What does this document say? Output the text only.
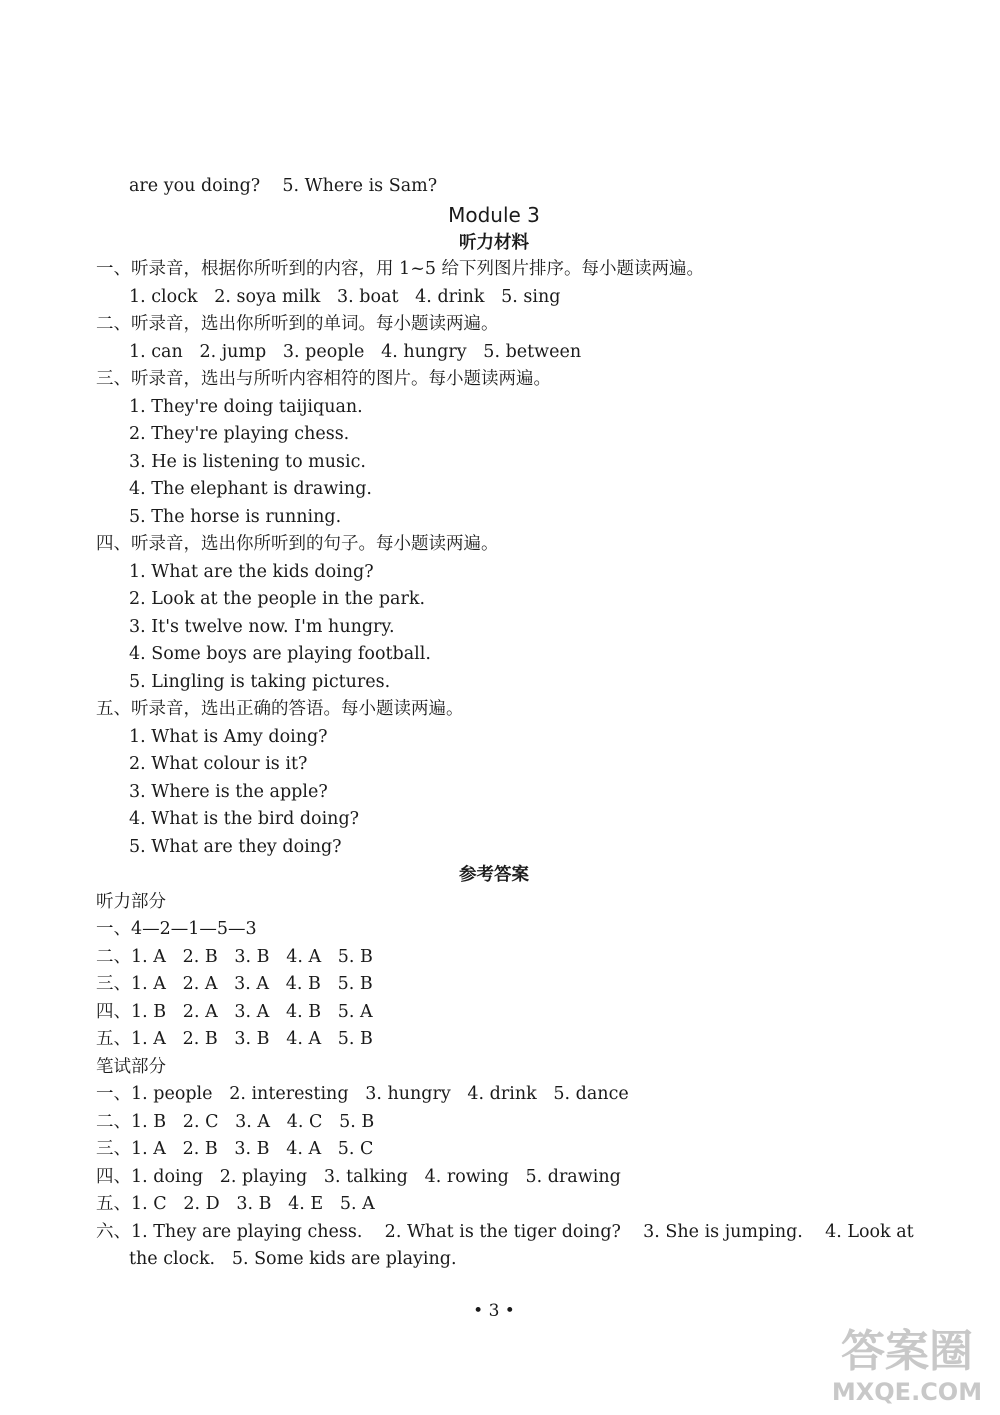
are you doing?    5. Where is Sam?
Module 3
听力材料
一、听录音，根据你所听到的内容，用 1~5 给下列图片排序。每小题读两遍。
1. clock   2. soya milk   3. boat   4. drink   5. sing
二、听录音，选出你所听到的单词。每小题读两遍。
1. can   2. jump   3. people   4. hungry   5. between
三、听录音，选出与所听内容相符的图片。每小题读两遍。
1. They're doing taijiquan.
2. They're playing chess.
3. He is listening to music.
4. The elephant is drawing.
5. The horse is running.
四、听录音，选出你所听到的句子。每小题读两遍。
1. What are the kids doing?
2. Look at the people in the park.
3. It's twelve now. I'm hungry.
4. Some boys are playing football.
5. Lingling is taking pictures.
五、听录音，选出正确的答语。每小题读两遍。
1. What is Amy doing?
2. What colour is it?
3. Where is the apple?
4. What is the bird doing?
5. What are they doing?
参考答案
听力部分
一、4—2—1—5—3
二、1. A   2. B   3. B   4. A   5. B
三、1. A   2. A   3. A   4. B   5. B
四、1. B   2. A   3. A   4. B   5. A
五、1. A   2. B   3. B   4. A   5. B
笔试部分
一、1. people   2. interesting   3. hungry   4. drink   5. dance
二、1. B   2. C   3. A   4. C   5. B
三、1. A   2. B   3. B   4. A   5. C
四、1. doing   2. playing   3. talking   4. rowing   5. drawing
五、1. C   2. D   3. B   4. E   5. A
六、1. They are playing chess.    2. What is the tiger doing?    3. She is jumping.    4. Look at
the clock.   5. Some kids are playing.
• 3 •
答案圈
MXQE.COM
